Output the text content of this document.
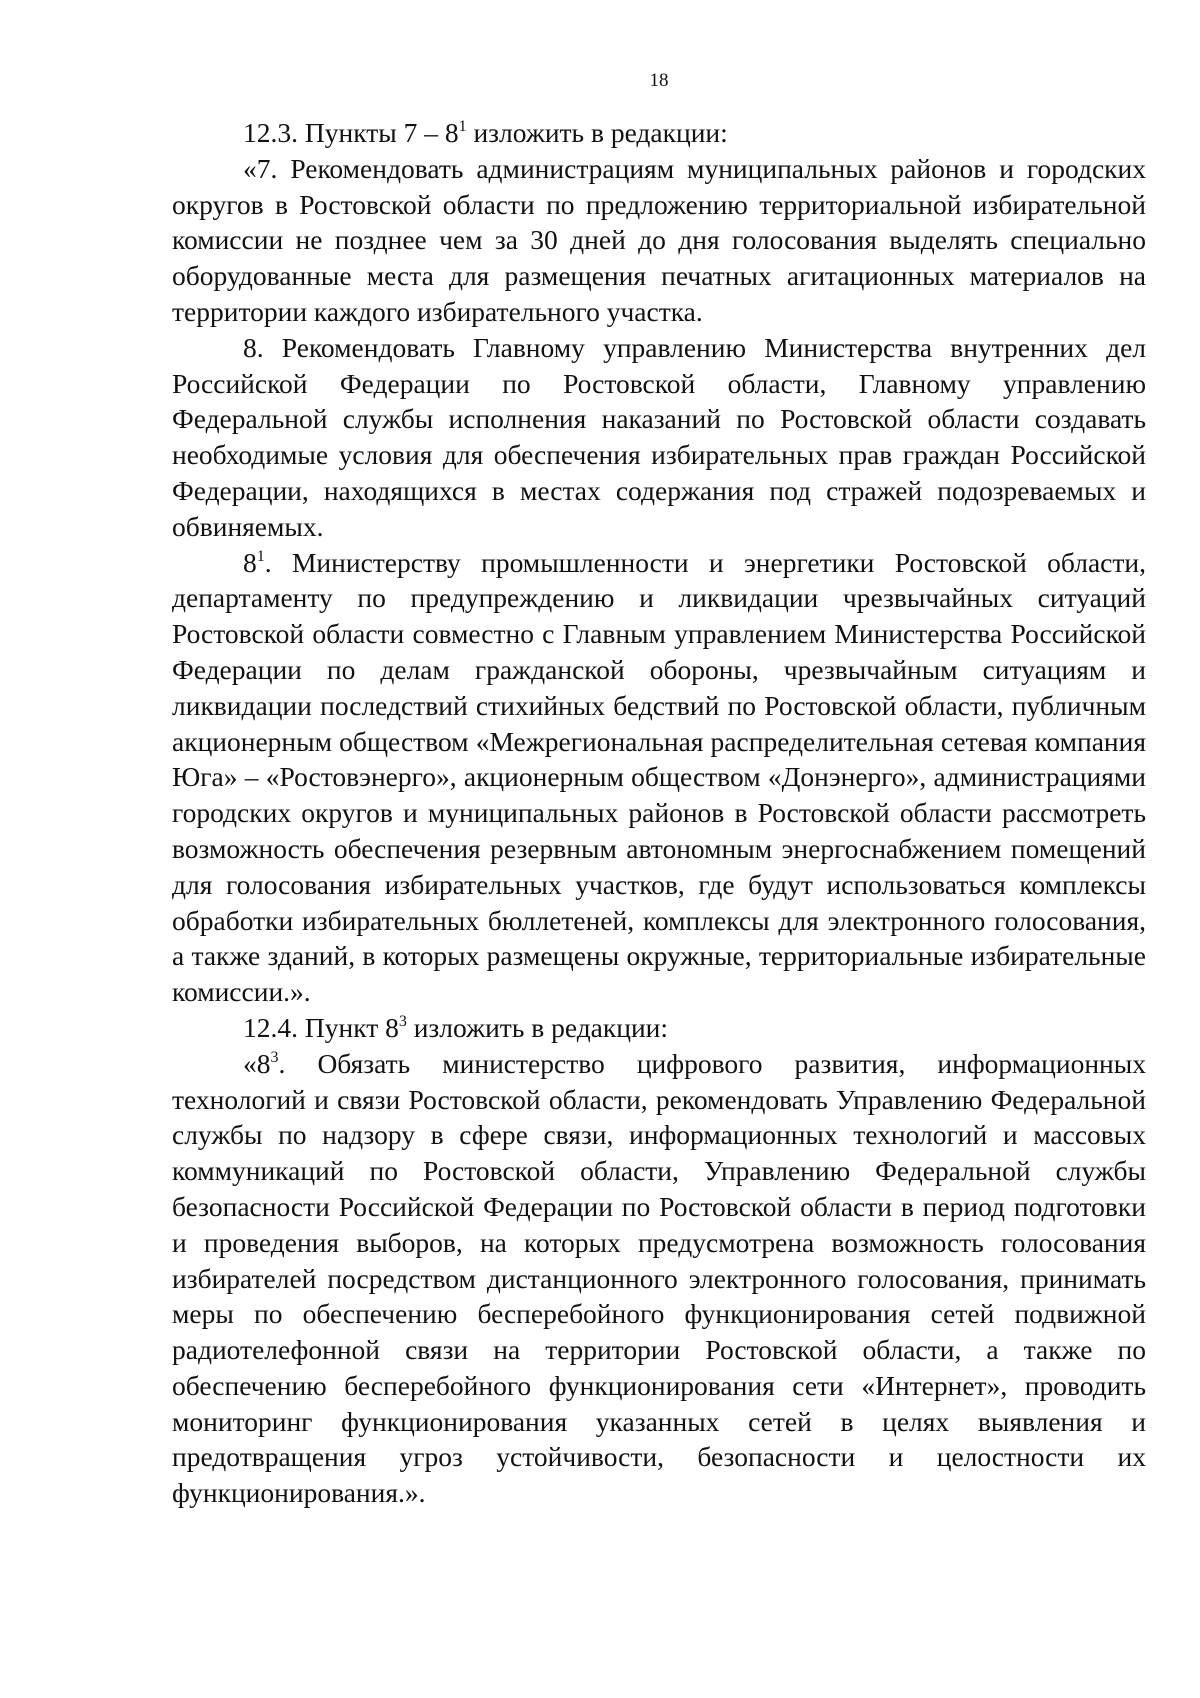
18

12.3. Пункты $7 - 8^1$ изложить в редакции:

«7. Рекомендовать администрациям муниципальных районов и городских округов в Ростовской области по предложению территориальной избирательной комиссии не позднее чем за 30 дней до дня голосования выделять специально оборудованные места для размещения печатных агитационных материалов на территории каждого избирательного участка.

8. Рекомендовать Главному управлению Министерства внутренних дел Российской Федерации по Ростовской области, Главному управлению Федеральной службы исполнения наказаний по Ростовской области создавать необходимые условия для обеспечения избирательных прав граждан Российской Федерации, находящихся в местах содержания под стражей подозреваемых и обвиняемых.

$8^1$. Министерству промышленности и энергетики Ростовской области, департаменту по предупреждению и ликвидации чрезвычайных ситуаций Ростовской области совместно с Главным управлением Министерства Российской Федерации по делам гражданской обороны, чрезвычайным ситуациям и ликвидации последствий стихийных бедствий по Ростовской области, публичным акционерным обществом «Межрегиональная распределительная сетевая компания Юга» – «Ростовэнерго», акционерным обществом «Донэнерго», администрациями городских округов и муниципальных районов в Ростовской области рассмотреть возможность обеспечения резервным автономным энергоснабжением помещений для голосования избирательных участков, где будут использоваться комплексы обработки избирательных бюллетеней, комплексы для электронного голосования, а также зданий, в которых размещены окружные, территориальные избирательные комиссии.».

12.4. Пункт $8^3$ изложить в редакции:

«$8^3$. Обязать министерство цифрового развития, информационных технологий и связи Ростовской области, рекомендовать Управлению Федеральной службы по надзору в сфере связи, информационных технологий и массовых коммуникаций по Ростовской области, Управлению Федеральной службы безопасности Российской Федерации по Ростовской области в период подготовки и проведения выборов, на которых предусмотрена возможность голосования избирателей посредством дистанционного электронного голосования, принимать меры по обеспечению бесперебойного функционирования сетей подвижной радиотелефонной связи на территории Ростовской области, а также по обеспечению бесперебойного функционирования сети «Интернет», проводить мониторинг функционирования указанных сетей в целях выявления и предотвращения угроз устойчивости, безопасности и целостности их функционирования.».
